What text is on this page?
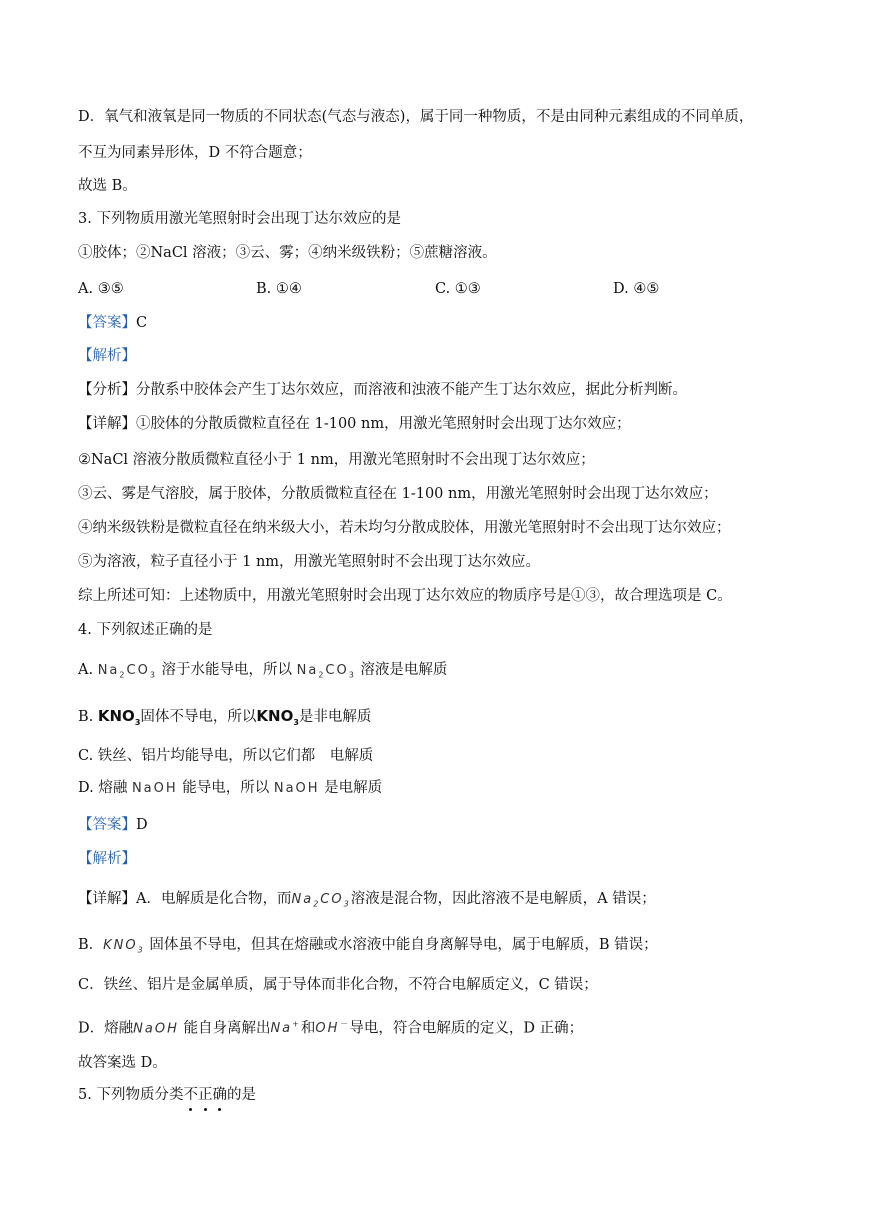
D．氧气和液氧是同一物质的不同状态(气态与液态)，属于同一种物质，不是由同种元素组成的不同单质，
不互为同素异形体，D 不符合题意；
故选 B。
3. 下列物质用激光笔照射时会出现丁达尔效应的是
①胶体；②NaCl 溶液；③云、雾；④纳米级铁粉；⑤蔗糖溶液。
A. ③⑤	B. ①④	C. ①③	D. ④⑤
【答案】C
【解析】
【分析】分散系中胶体会产生丁达尔效应，而溶液和浊液不能产生丁达尔效应，据此分析判断。
【详解】①胶体的分散质微粒直径在 1-100 nm，用激光笔照射时会出现丁达尔效应；
②NaCl 溶液分散质微粒直径小于 1 nm，用激光笔照射时不会出现丁达尔效应；
③云、雾是气溶胶，属于胶体，分散质微粒直径在 1-100 nm，用激光笔照射时会出现丁达尔效应；
④纳米级铁粉是微粒直径在纳米级大小，若未均匀分散成胶体，用激光笔照射时不会出现丁达尔效应；
⑤为溶液，粒子直径小于 1 nm，用激光笔照射时不会出现丁达尔效应。
综上所述可知：上述物质中，用激光笔照射时会出现丁达尔效应的物质序号是①③，故合理选项是 C。
4. 下列叙述正确的是
A. $Na_2CO_3$ 溶于水能导电，所以 $Na_2CO_3$ 溶液是电解质
B. $KNO_3$固体不导电，所以$KNO_3$是非电解质
C. 铁丝、铝片均能导电，所以它们都　电解质
D. 熔融 NaOH 能导电，所以 NaOH 是电解质
【答案】D
【解析】
【详解】A．电解质是化合物，而$Na_2CO_3$溶液是混合物，因此溶液不是电解质，A 错误；
B．$KNO_3$ 固体虽不导电，但其在熔融或水溶液中能自身离解导电，属于电解质，B 错误；
C．铁丝、铝片是金属单质，属于导体而非化合物，不符合电解质定义，C 错误；
D．熔融NaOH 能自身离解出Na+和OH－导电，符合电解质的定义，D 正确；
故答案选 D。
5. 下列物质分类不正确的是
